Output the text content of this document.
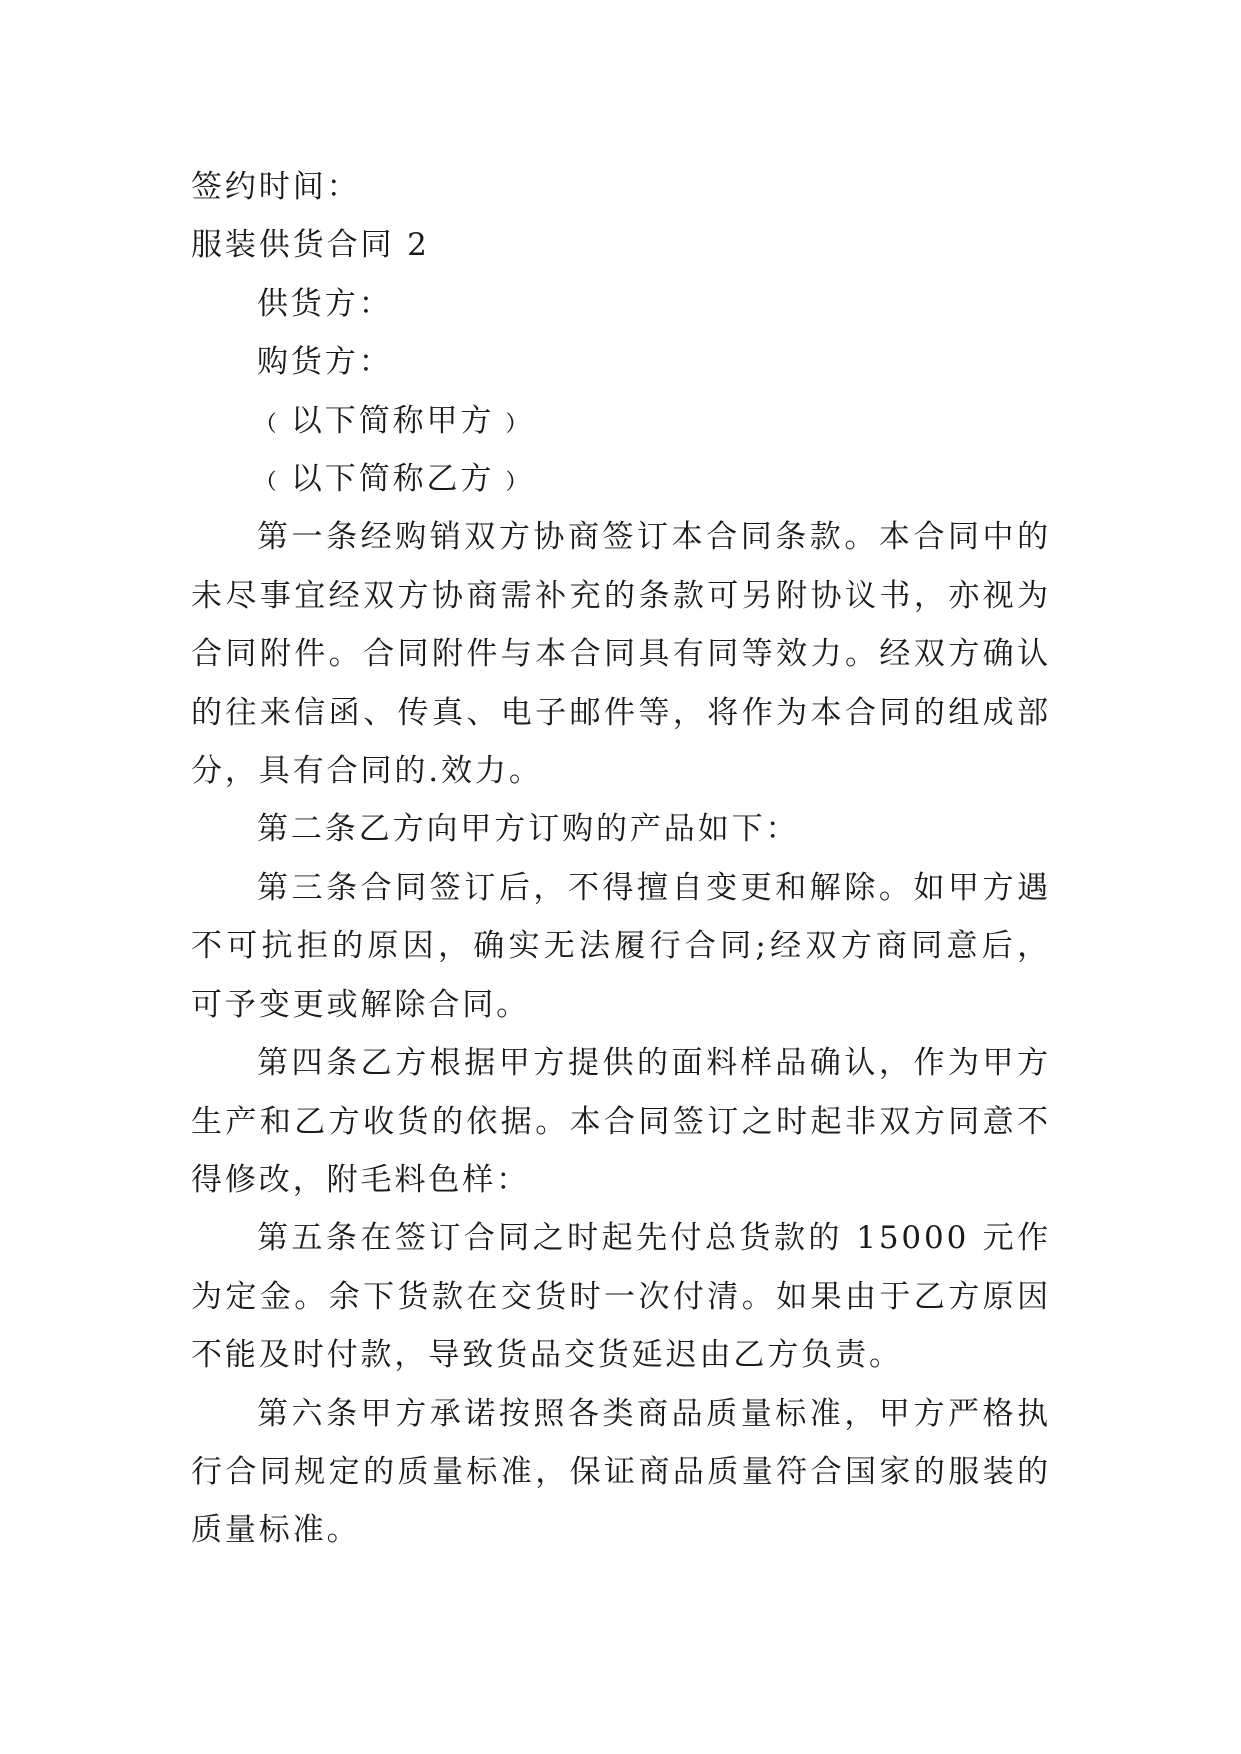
签约时间：

服装供货合同 2

供货方：

购货方：

﹙以下简称甲方﹚

﹙以下简称乙方﹚

第一条经购销双方协商签订本合同条款。本合同中的未尽事宜经双方协商需补充的条款可另附协议书，亦视为合同附件。合同附件与本合同具有同等效力。经双方确认的往来信函、传真、电子邮件等，将作为本合同的组成部分，具有合同的.效力。

第二条乙方向甲方订购的产品如下：

第三条合同签订后，不得擅自变更和解除。如甲方遇不可抗拒的原因，确实无法履行合同;经双方商同意后，可予变更或解除合同。

第四条乙方根据甲方提供的面料样品确认，作为甲方生产和乙方收货的依据。本合同签订之时起非双方同意不得修改，附毛料色样：

第五条在签订合同之时起先付总货款的 15000 元作为定金。余下货款在交货时一次付清。如果由于乙方原因不能及时付款，导致货品交货延迟由乙方负责。

第六条甲方承诺按照各类商品质量标准，甲方严格执行合同规定的质量标准，保证商品质量符合国家的服装的质量标准。
